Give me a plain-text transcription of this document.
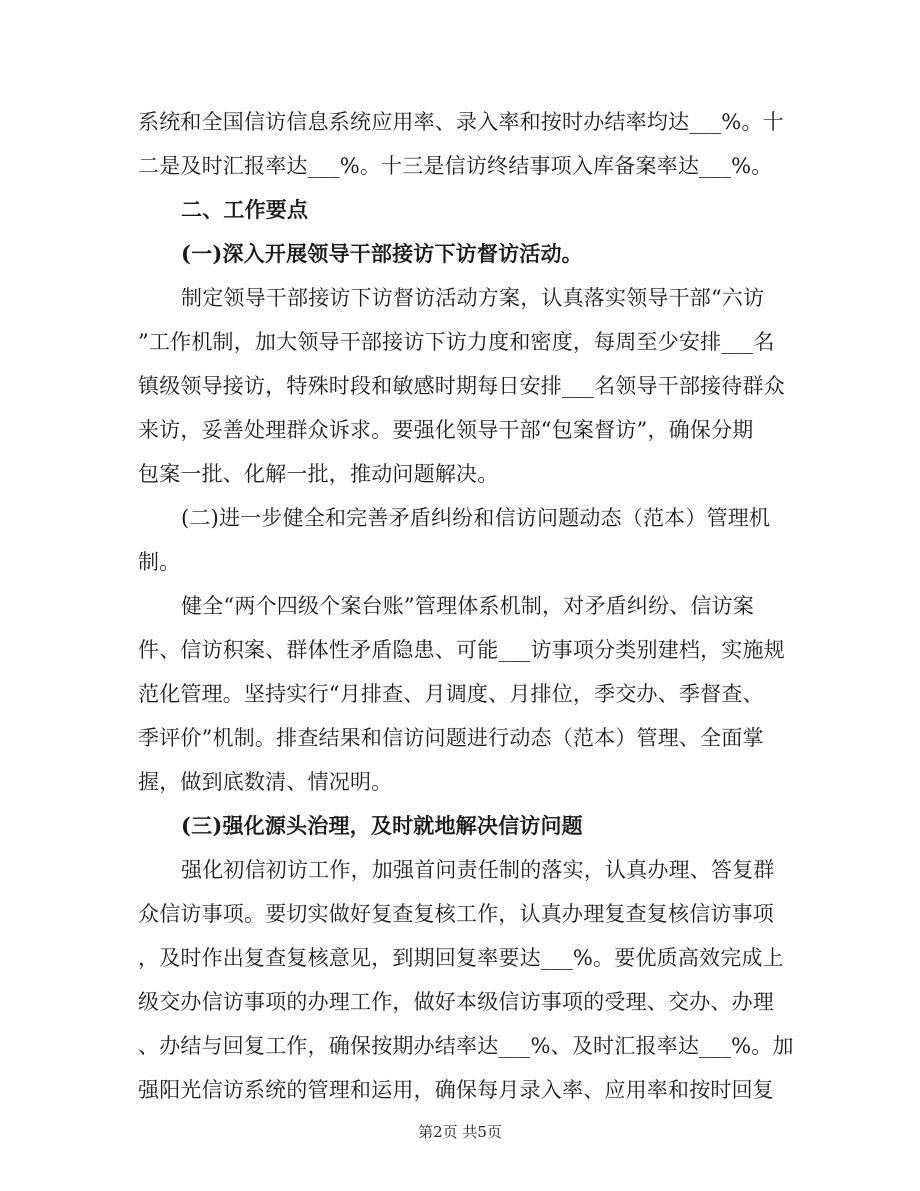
系统和全国信访信息系统应用率、录入率和按时办结率均达___%。十
二是及时汇报率达___%。十三是信访终结事项入库备案率达___%。
二、工作要点
(一)深入开展领导干部接访下访督访活动。
制定领导干部接访下访督访活动方案，认真落实领导干部“六访
”工作机制，加大领导干部接访下访力度和密度，每周至少安排___名
镇级领导接访，特殊时段和敏感时期每日安排___名领导干部接待群众
来访，妥善处理群众诉求。要强化领导干部“包案督访”，确保分期
包案一批、化解一批，推动问题解决。
(二)进一步健全和完善矛盾纠纷和信访问题动态（范本）管理机
制。
健全“两个四级个案台账”管理体系机制，对矛盾纠纷、信访案
件、信访积案、群体性矛盾隐患、可能___访事项分类别建档，实施规
范化管理。坚持实行“月排查、月调度、月排位，季交办、季督查、
季评价”机制。排查结果和信访问题进行动态（范本）管理、全面掌
握，做到底数清、情况明。
(三)强化源头治理，及时就地解决信访问题
强化初信初访工作，加强首问责任制的落实，认真办理、答复群
众信访事项。要切实做好复查复核工作，认真办理复查复核信访事项
，及时作出复查复核意见，到期回复率要达___%。要优质高效完成上
级交办信访事项的办理工作，做好本级信访事项的受理、交办、办理
、办结与回复工作，确保按期办结率达___%、及时汇报率达___%。加
强阳光信访系统的管理和运用，确保每月录入率、应用率和按时回复
第2页 共5页
